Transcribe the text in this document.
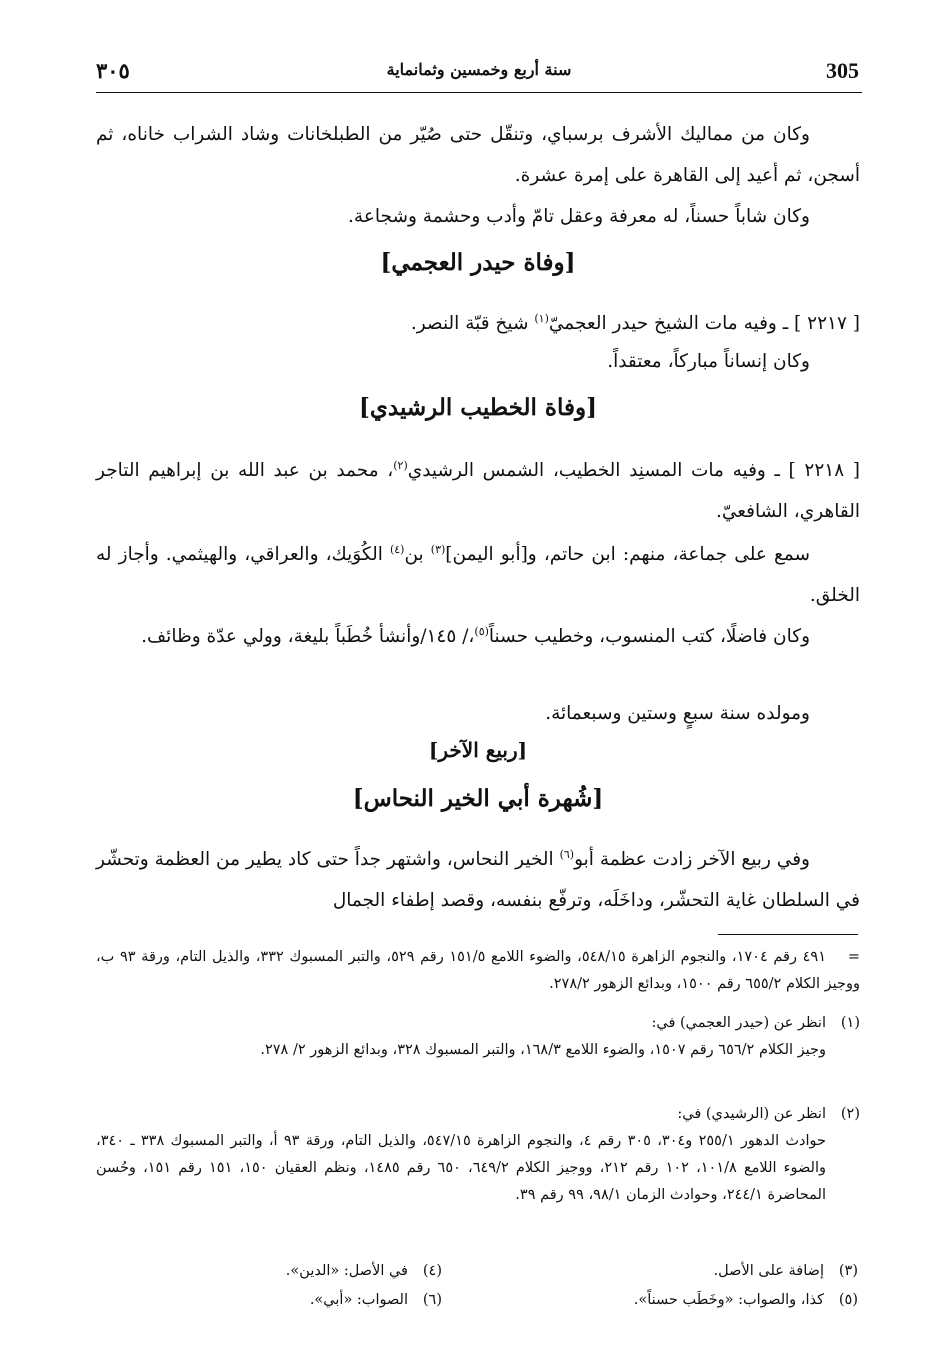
305
سنة أربع وخمسين وثمانماية
٣٠٥
وكان من مماليك الأشرف برسباي، وتنقّل حتى صُيّر من الطبلخانات وشاد الشراب خاناه، ثم أسجن، ثم أعيد إلى القاهرة على إمرة عشرة.
وكان شاباً حسناً، له معرفة وعقل تامّ وأدب وحشمة وشجاعة.
[وفاة حيدر العجمي]
[ ٢٢١٧ ] ـ وفيه مات الشيخ حيدر العجميّ$^{(١)}$ شيخ قبّة النصر.
وكان إنساناً مباركاً، معتقداً.
[وفاة الخطيب الرشيدي]
[ ٢٢١٨ ] ـ وفيه مات المسنِد الخطيب، الشمس الرشيدي$^{(٢)}$، محمد بن عبد الله بن إبراهيم التاجر القاهري، الشافعيّ.
سمع على جماعة، منهم: ابن حاتم، و[أبو اليمن]$^{(٣)}$ بن$^{(٤)}$ الكُوَيك، والعراقي، والهيثمي. وأجاز له الخلق.
وكان فاضلًا، كتب المنسوب، وخطيب حسناً$^{(٥)}$،/ ١٤٥/وأنشأ خُطَباً بليغة، وولي عدّة وظائف.
ومولده سنة سبعٍ وستين وسبعمائة.
[ربيع الآخر]
[شُهرة أبي الخير النحاس]
وفي ربيع الآخر زادت عظمة أبو$^{(٦)}$ الخير النحاس، واشتهر جداً حتى كاد يطير من العظمة وتحشّر في السلطان غاية التحشّر، وداخَلَه، وترفّع بنفسه، وقصد إطفاء الجمال
=٤٩١ رقم ١٧٠٤، والنجوم الزاهرة ٥٤٨/١٥، والضوء اللامع ١٥١/٥ رقم ٥٢٩، والتبر المسبوك ٣٣٢، والذيل التام، ورقة ٩٣ ب، ووجيز الكلام ٦٥٥/٢ رقم ١٥٠٠، وبدائع الزهور ٢٧٨/٢.
(١)انظر عن (حيدر العجمي) في:
وجيز الكلام ٦٥٦/٢ رقم ١٥٠٧، والضوء اللامع ١٦٨/٣، والتبر المسبوك ٣٢٨، وبدائع الزهور ٢/ ٢٧٨.
(٢)انظر عن (الرشيدي) في:
حوادث الدهور ٢٥٥/١ و٣٠٤، ٣٠٥ رقم ٤، والنجوم الزاهرة ٥٤٧/١٥، والذيل التام، ورقة ٩٣ أ، والتبر المسبوك ٣٣٨ ـ ٣٤٠، والضوء اللامع ١٠١/٨، ١٠٢ رقم ٢١٢، ووجيز الكلام ٦٤٩/٢، ٦٥٠ رقم ١٤٨٥، ونظم العقيان ١٥٠، ١٥١ رقم ١٥١، وحُسن المحاضرة ٢٤٤/١، وحوادث الزمان ٩٨/١، ٩٩ رقم ٣٩.
(٣)إضافة على الأصل.
(٤)في الأصل: «الدين».
(٥)كذا، والصواب: «وخَطَب حسناً».
(٦)الصواب: «أبي».
